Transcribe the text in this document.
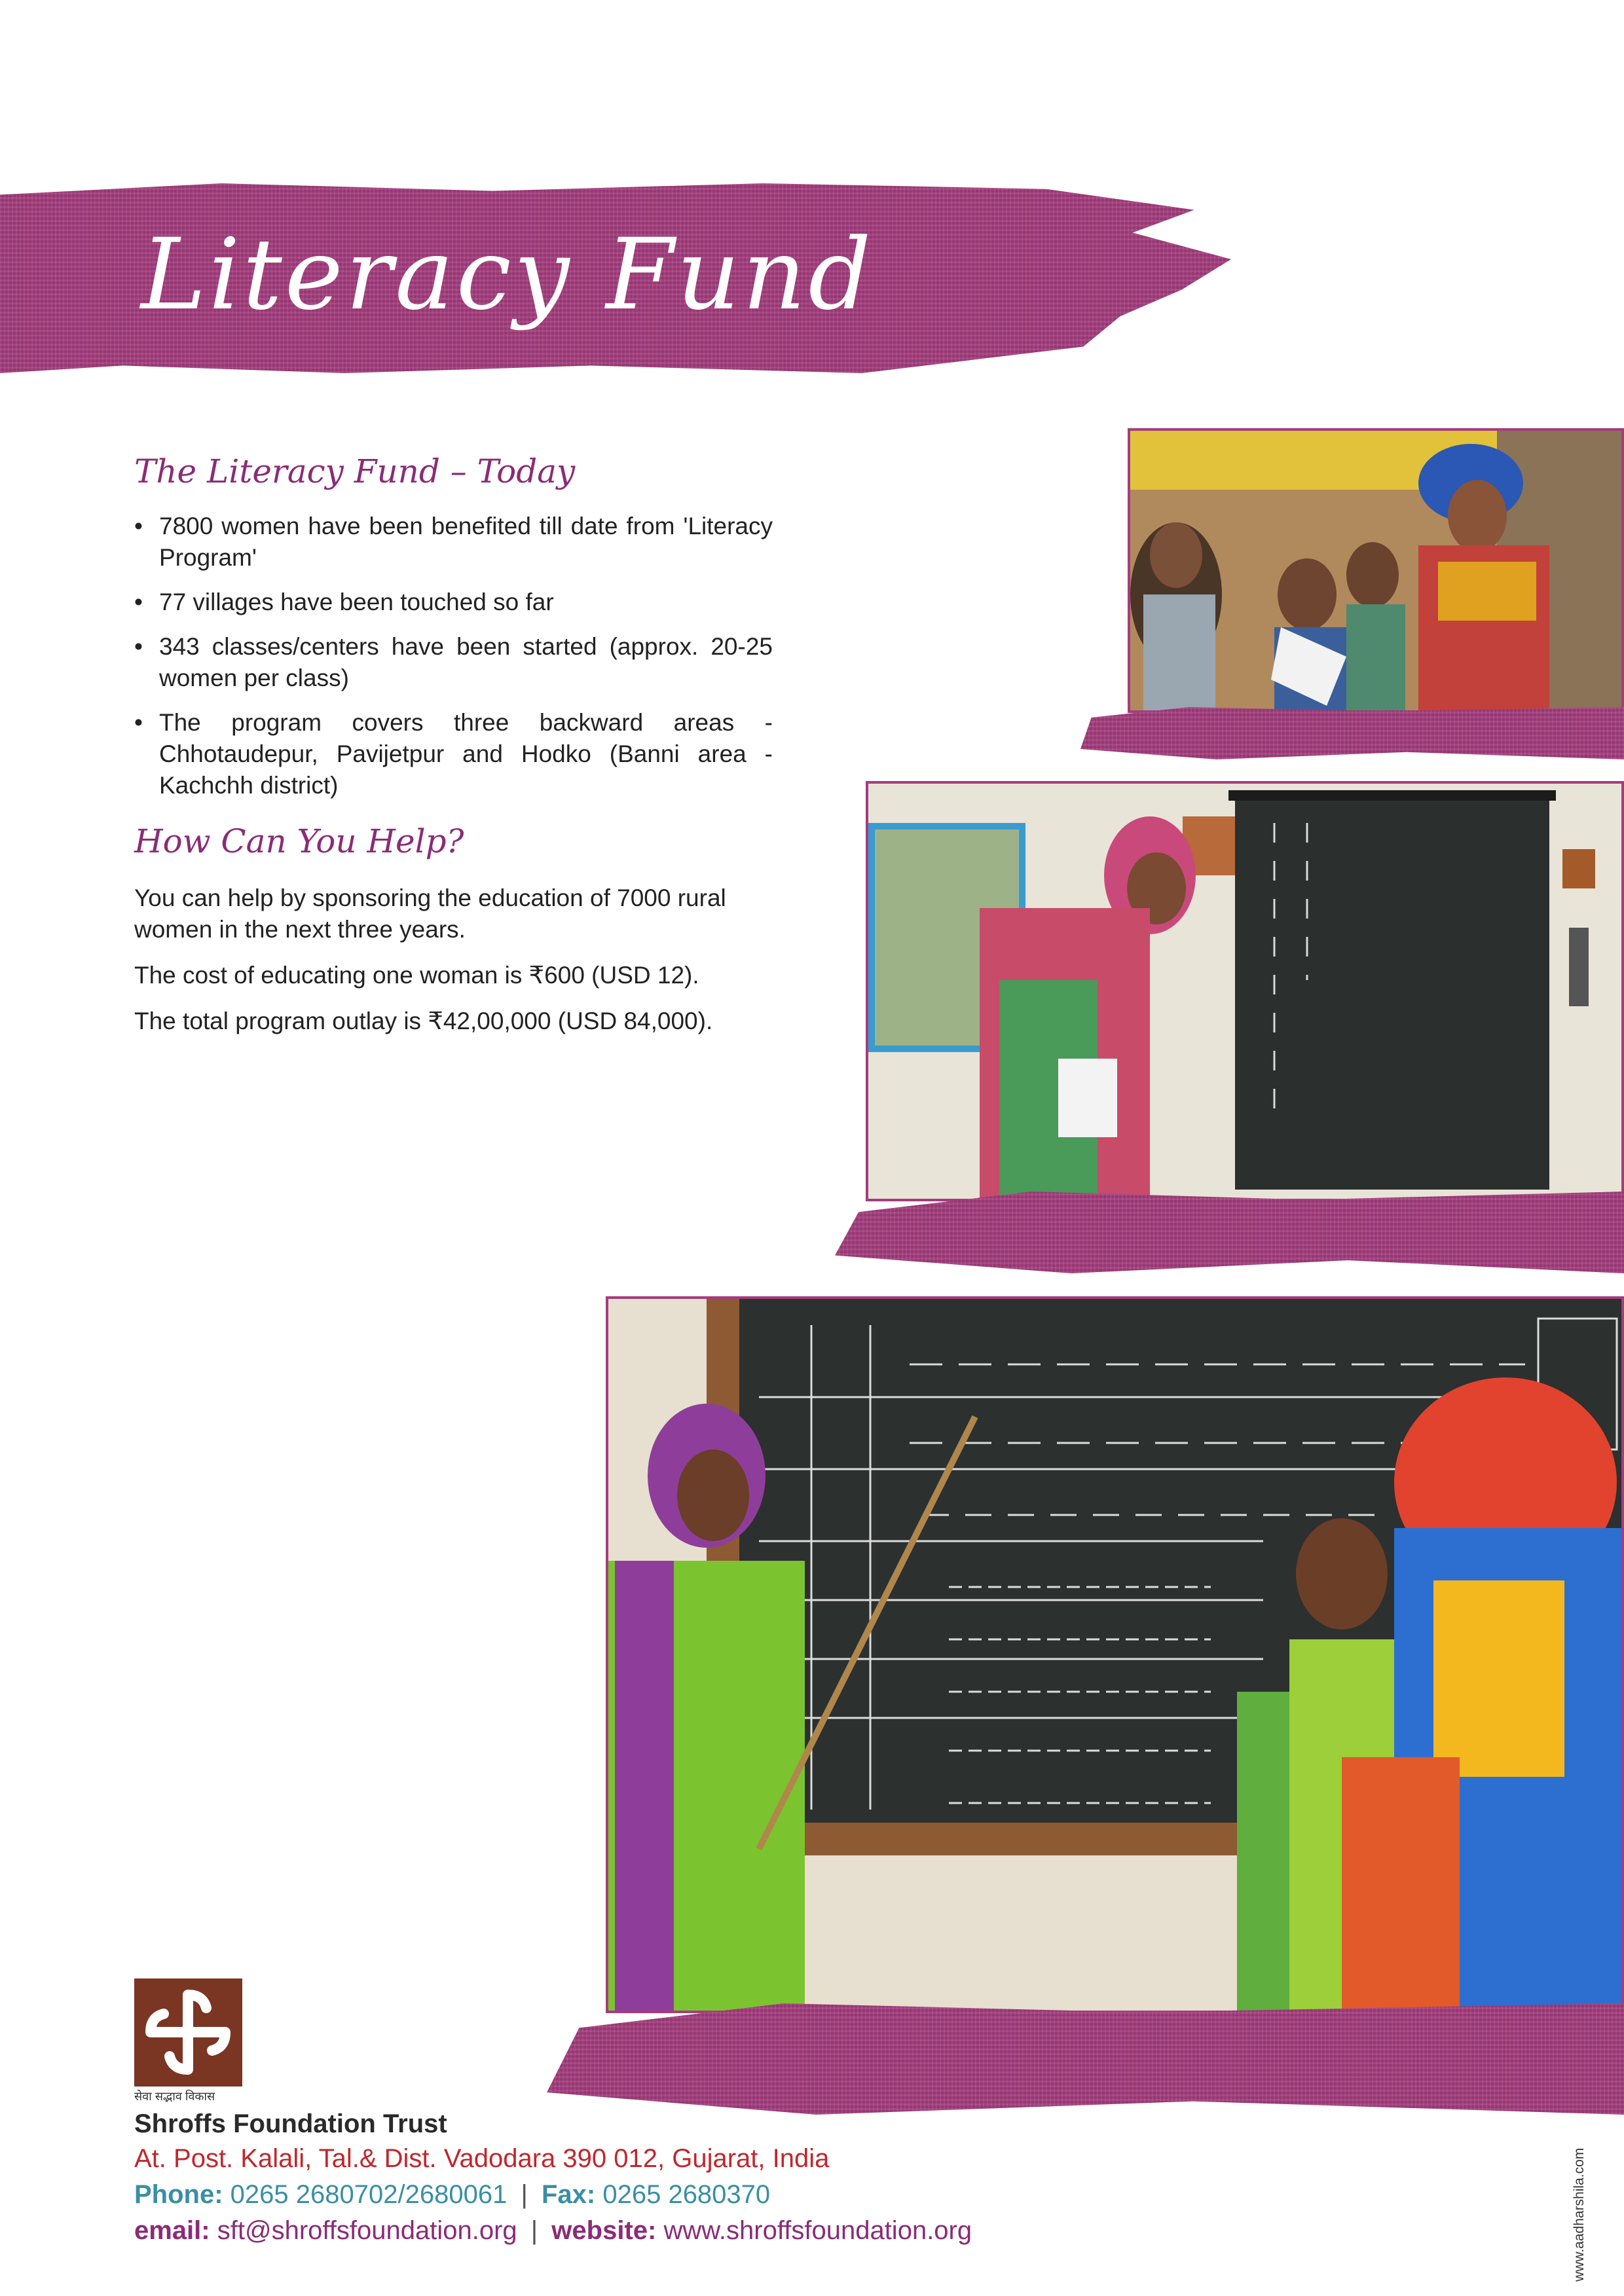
Literacy Fund
The Literacy Fund – Today
• 7800 women have been benefited till date from 'Literacy Program'
• 77 villages have been touched so far
• 343 classes/centers have been started (approx. 20-25 women per class)
• The program covers three backward areas - Chhotaudepur, Pavijetpur and Hodko (Banni area - Kachchh district)
How Can You Help?

You can help by sponsoring the education of 7000 rural women in the next three years.

The cost of educating one woman is ₹600 (USD 12).

The total program outlay is ₹42,00,000 (USD 84,000).

सेवा सद्भाव विकास
Shroffs Foundation Trust
At. Post. Kalali, Tal.& Dist. Vadodara 390 012, Gujarat, India
Phone: 0265 2680702/2680061 | Fax: 0265 2680370
email: sft@shroffsfoundation.org | website: www.shroffsfoundation.org	www.aadharshila.com
